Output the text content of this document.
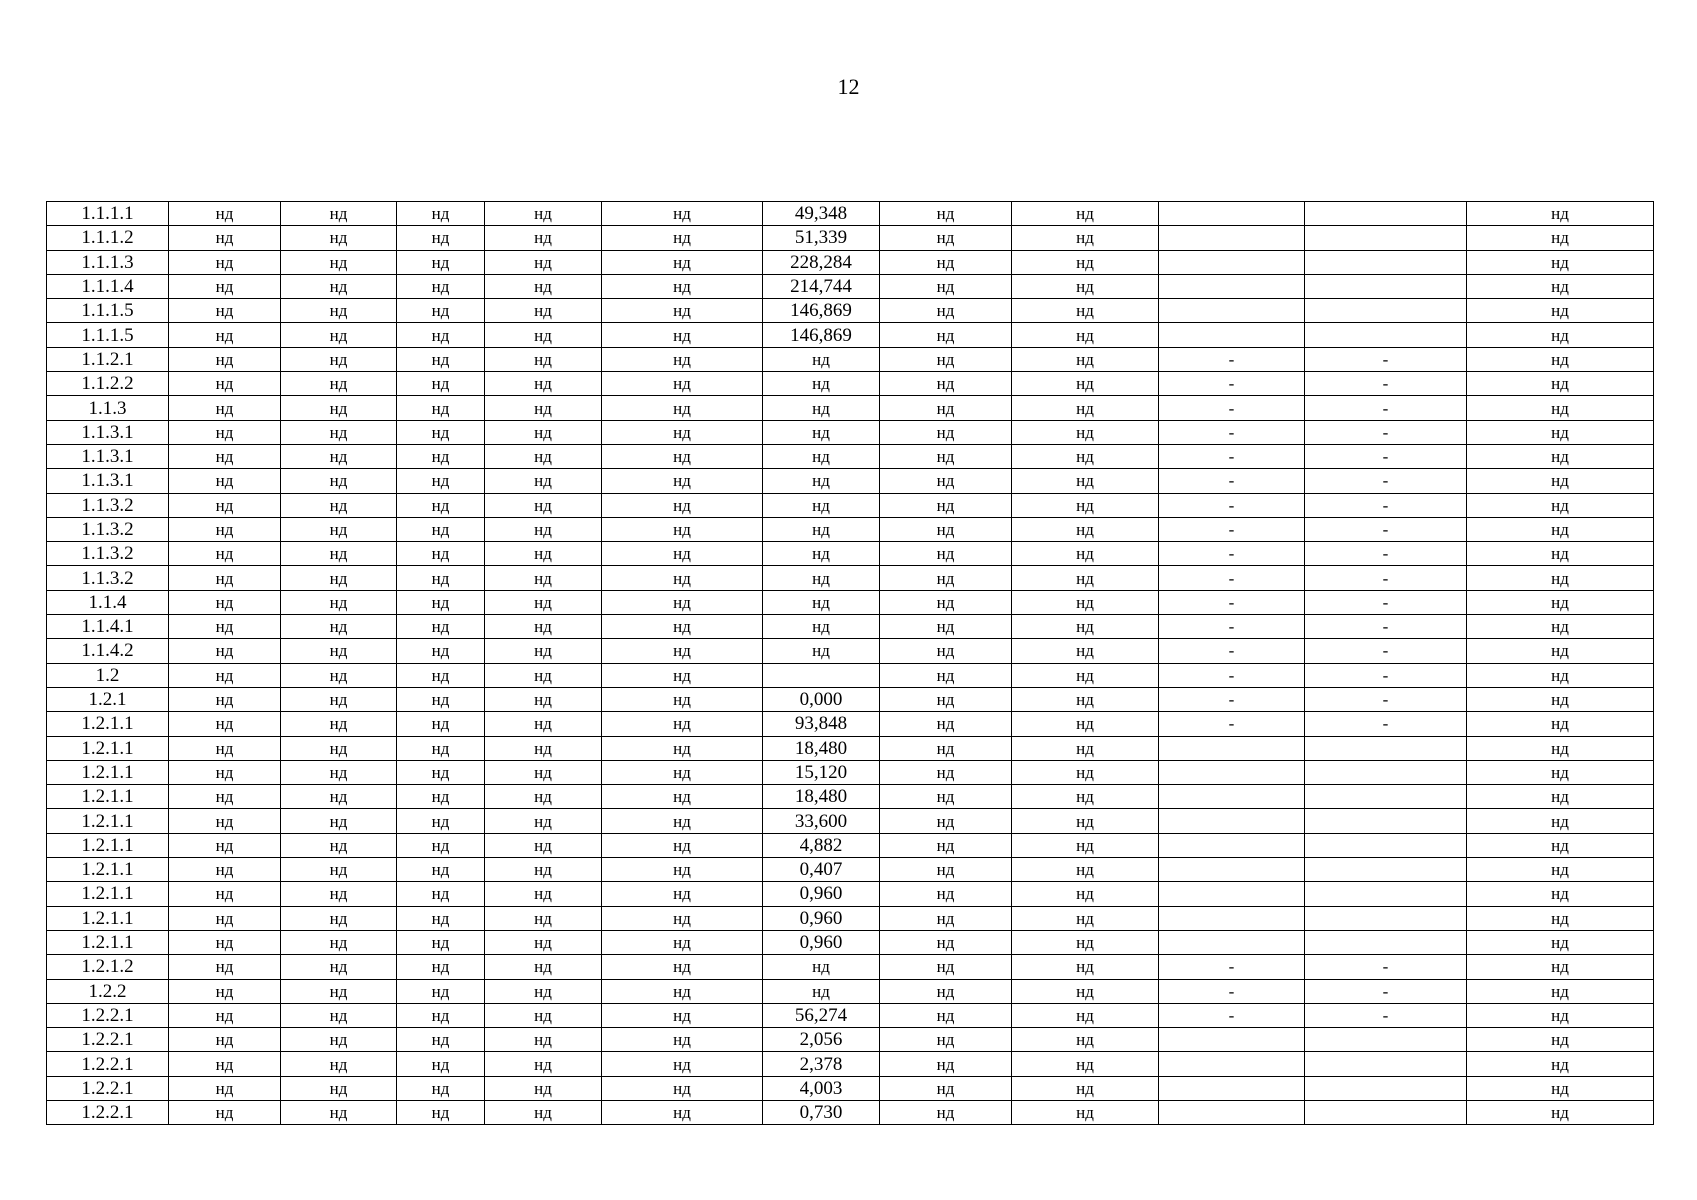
12
1.1.1.1	нд	нд	нд	нд	нд	49,348	нд	нд			нд
1.1.1.2	нд	нд	нд	нд	нд	51,339	нд	нд			нд
1.1.1.3	нд	нд	нд	нд	нд	228,284	нд	нд			нд
1.1.1.4	нд	нд	нд	нд	нд	214,744	нд	нд			нд
1.1.1.5	нд	нд	нд	нд	нд	146,869	нд	нд			нд
1.1.1.5	нд	нд	нд	нд	нд	146,869	нд	нд			нд
1.1.2.1	нд	нд	нд	нд	нд	нд	нд	нд	-	-	нд
1.1.2.2	нд	нд	нд	нд	нд	нд	нд	нд	-	-	нд
1.1.3	нд	нд	нд	нд	нд	нд	нд	нд	-	-	нд
1.1.3.1	нд	нд	нд	нд	нд	нд	нд	нд	-	-	нд
1.1.3.1	нд	нд	нд	нд	нд	нд	нд	нд	-	-	нд
1.1.3.1	нд	нд	нд	нд	нд	нд	нд	нд	-	-	нд
1.1.3.2	нд	нд	нд	нд	нд	нд	нд	нд	-	-	нд
1.1.3.2	нд	нд	нд	нд	нд	нд	нд	нд	-	-	нд
1.1.3.2	нд	нд	нд	нд	нд	нд	нд	нд	-	-	нд
1.1.3.2	нд	нд	нд	нд	нд	нд	нд	нд	-	-	нд
1.1.4	нд	нд	нд	нд	нд	нд	нд	нд	-	-	нд
1.1.4.1	нд	нд	нд	нд	нд	нд	нд	нд	-	-	нд
1.1.4.2	нд	нд	нд	нд	нд	нд	нд	нд	-	-	нд
1.2	нд	нд	нд	нд	нд		нд	нд	-	-	нд
1.2.1	нд	нд	нд	нд	нд	0,000	нд	нд	-	-	нд
1.2.1.1	нд	нд	нд	нд	нд	93,848	нд	нд	-	-	нд
1.2.1.1	нд	нд	нд	нд	нд	18,480	нд	нд			нд
1.2.1.1	нд	нд	нд	нд	нд	15,120	нд	нд			нд
1.2.1.1	нд	нд	нд	нд	нд	18,480	нд	нд			нд
1.2.1.1	нд	нд	нд	нд	нд	33,600	нд	нд			нд
1.2.1.1	нд	нд	нд	нд	нд	4,882	нд	нд			нд
1.2.1.1	нд	нд	нд	нд	нд	0,407	нд	нд			нд
1.2.1.1	нд	нд	нд	нд	нд	0,960	нд	нд			нд
1.2.1.1	нд	нд	нд	нд	нд	0,960	нд	нд			нд
1.2.1.1	нд	нд	нд	нд	нд	0,960	нд	нд			нд
1.2.1.2	нд	нд	нд	нд	нд	нд	нд	нд	-	-	нд
1.2.2	нд	нд	нд	нд	нд	нд	нд	нд	-	-	нд
1.2.2.1	нд	нд	нд	нд	нд	56,274	нд	нд	-	-	нд
1.2.2.1	нд	нд	нд	нд	нд	2,056	нд	нд			нд
1.2.2.1	нд	нд	нд	нд	нд	2,378	нд	нд			нд
1.2.2.1	нд	нд	нд	нд	нд	4,003	нд	нд			нд
1.2.2.1	нд	нд	нд	нд	нд	0,730	нд	нд			нд
